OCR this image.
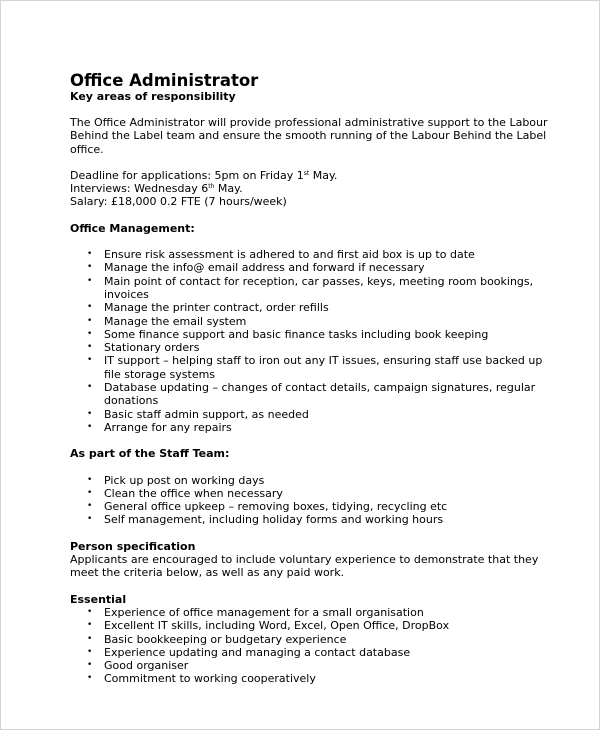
Office Administrator

Key areas of responsibility

The Office Administrator will provide professional administrative support to the Labour Behind the Label team and ensure the smooth running of the Labour Behind the Label office.

Deadline for applications: 5pm on Friday 1st May.

Interviews: Wednesday 6th May.

Salary: £18,000 0.2 FTE (7 hours/week)

Office Management:

• Ensure risk assessment is adhered to and first aid box is up to date
• Manage the info@ email address and forward if necessary
• Main point of contact for reception, car passes, keys, meeting room bookings, invoices
• Manage the printer contract, order refills
• Manage the email system
• Some finance support and basic finance tasks including book keeping
• Stationary orders
• IT support – helping staff to iron out any IT issues, ensuring staff use backed up file storage systems
• Database updating – changes of contact details, campaign signatures, regular donations
• Basic staff admin support, as needed
• Arrange for any repairs

As part of the Staff Team:

• Pick up post on working days
• Clean the office when necessary
• General office upkeep – removing boxes, tidying, recycling etc
• Self management, including holiday forms and working hours

Person specification

Applicants are encouraged to include voluntary experience to demonstrate that they meet the criteria below, as well as any paid work.

Essential

• Experience of office management for a small organisation
• Excellent IT skills, including Word, Excel, Open Office, DropBox
• Basic bookkeeping or budgetary experience
• Experience updating and managing a contact database
• Good organiser
• Commitment to working cooperatively
